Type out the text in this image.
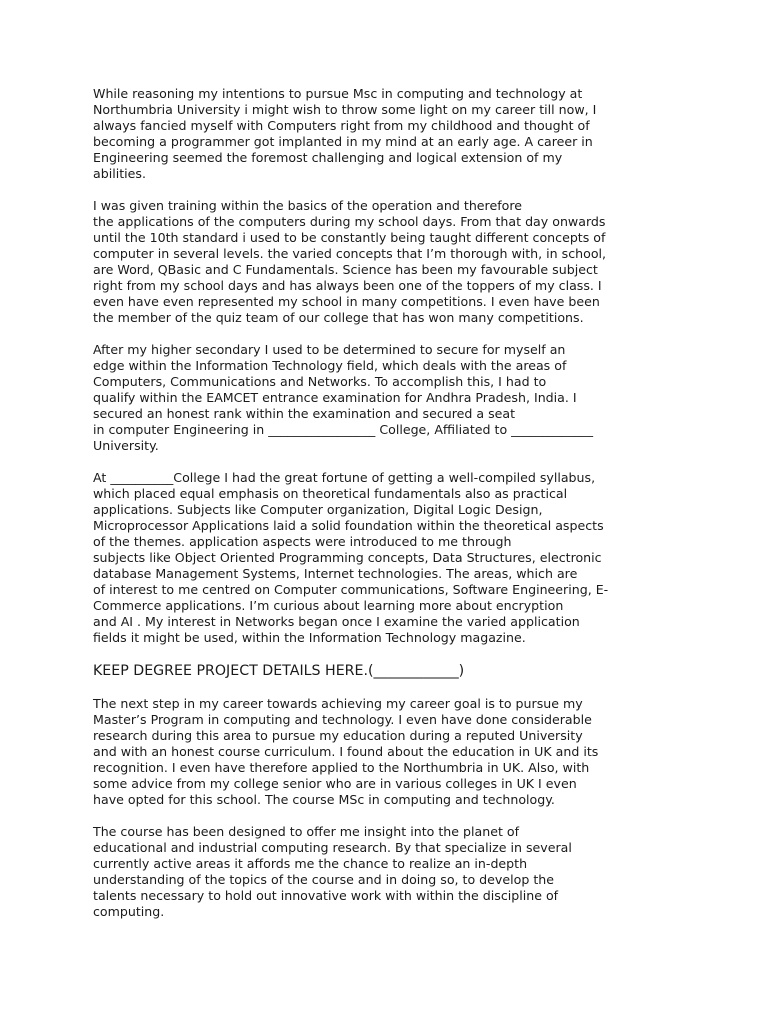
While reasoning my intentions to pursue Msc in computing and technology at
Northumbria University i might wish to throw some light on my career till now, I
always fancied myself with Computers right from my childhood and thought of
becoming a programmer got implanted in my mind at an early age. A career in
Engineering seemed the foremost challenging and logical extension of my
abilities.
I was given training within the basics of the operation and therefore
the applications of the computers during my school days. From that day onwards
until the 10th standard i used to be constantly being taught different concepts of
computer in several levels. the varied concepts that I’m thorough with, in school,
are Word, QBasic and C Fundamentals. Science has been my favourable subject
right from my school days and has always been one of the toppers of my class. I
even have even represented my school in many competitions. I even have been
the member of the quiz team of our college that has won many competitions.
After my higher secondary I used to be determined to secure for myself an
edge within the Information Technology field, which deals with the areas of
Computers, Communications and Networks. To accomplish this, I had to
qualify within the EAMCET entrance examination for Andhra Pradesh, India. I
secured an honest rank within the examination and secured a seat
in computer Engineering in _________________ College, Affiliated to _____________
University.
At __________College I had the great fortune of getting a well-compiled syllabus,
which placed equal emphasis on theoretical fundamentals also as practical
applications. Subjects like Computer organization, Digital Logic Design,
Microprocessor Applications laid a solid foundation within the theoretical aspects
of the themes. application aspects were introduced to me through
subjects like Object Oriented Programming concepts, Data Structures, electronic
database Management Systems, Internet technologies. The areas, which are
of interest to me centred on Computer communications, Software Engineering, E-
Commerce applications. I’m curious about learning more about encryption
and AI . My interest in Networks began once I examine the varied application
fields it might be used, within the Information Technology magazine.
KEEP DEGREE PROJECT DETAILS HERE.(____________)
The next step in my career towards achieving my career goal is to pursue my
Master’s Program in computing and technology. I even have done considerable
research during this area to pursue my education during a reputed University
and with an honest course curriculum. I found about the education in UK and its
recognition. I even have therefore applied to the Northumbria in UK. Also, with
some advice from my college senior who are in various colleges in UK I even
have opted for this school. The course MSc in computing and technology.
The course has been designed to offer me insight into the planet of
educational and industrial computing research. By that specialize in several
currently active areas it affords me the chance to realize an in-depth
understanding of the topics of the course and in doing so, to develop the
talents necessary to hold out innovative work with within the discipline of
computing.
